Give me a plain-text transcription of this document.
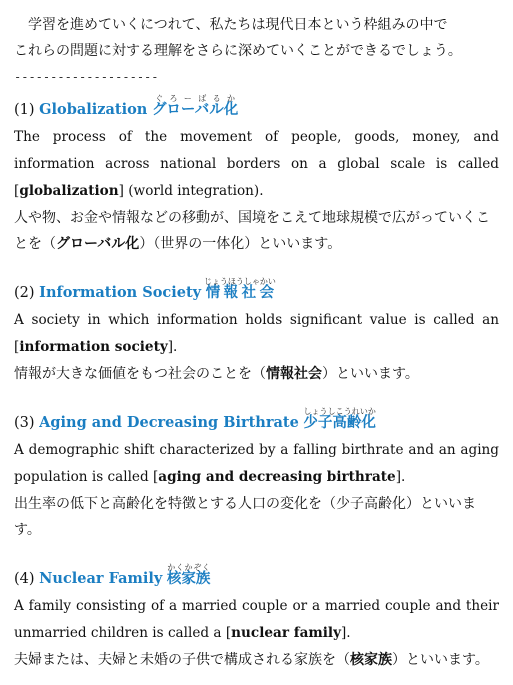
学習を進めていくにつれて、私たちは現代日本という枠組みの中で
これらの問題に対する理解をさらに深めていくことができるでしょう。
--------------------
(1) Globalization グローバル化ぐろーばるか
The process of the movement of people, goods, money, and information across national borders on a global scale is called [globalization] (world integration).
人や物、お金や情報などの移動が、国境をこえて地球規模で広がっていくことを（グローバル化）（世界の一体化）といいます。
(2) Information Society 情報社会じょうほうしゃかい
A society in which information holds significant value is called an [information society].
情報が大きな価値をもつ社会のことを（情報社会）といいます。
(3) Aging and Decreasing Birthrate 少子高齢化しょうしこうれいか
A demographic shift characterized by a falling birthrate and an aging population is called [aging and decreasing birthrate].
出生率の低下と高齢化を特徴とする人口の変化を（少子高齢化）といいます。
(4) Nuclear Family 核家族かくかぞく
A family consisting of a married couple or a married couple and their unmarried children is called a [nuclear family].
夫婦または、夫婦と未婚の子供で構成される家族を（核家族）といいます。
